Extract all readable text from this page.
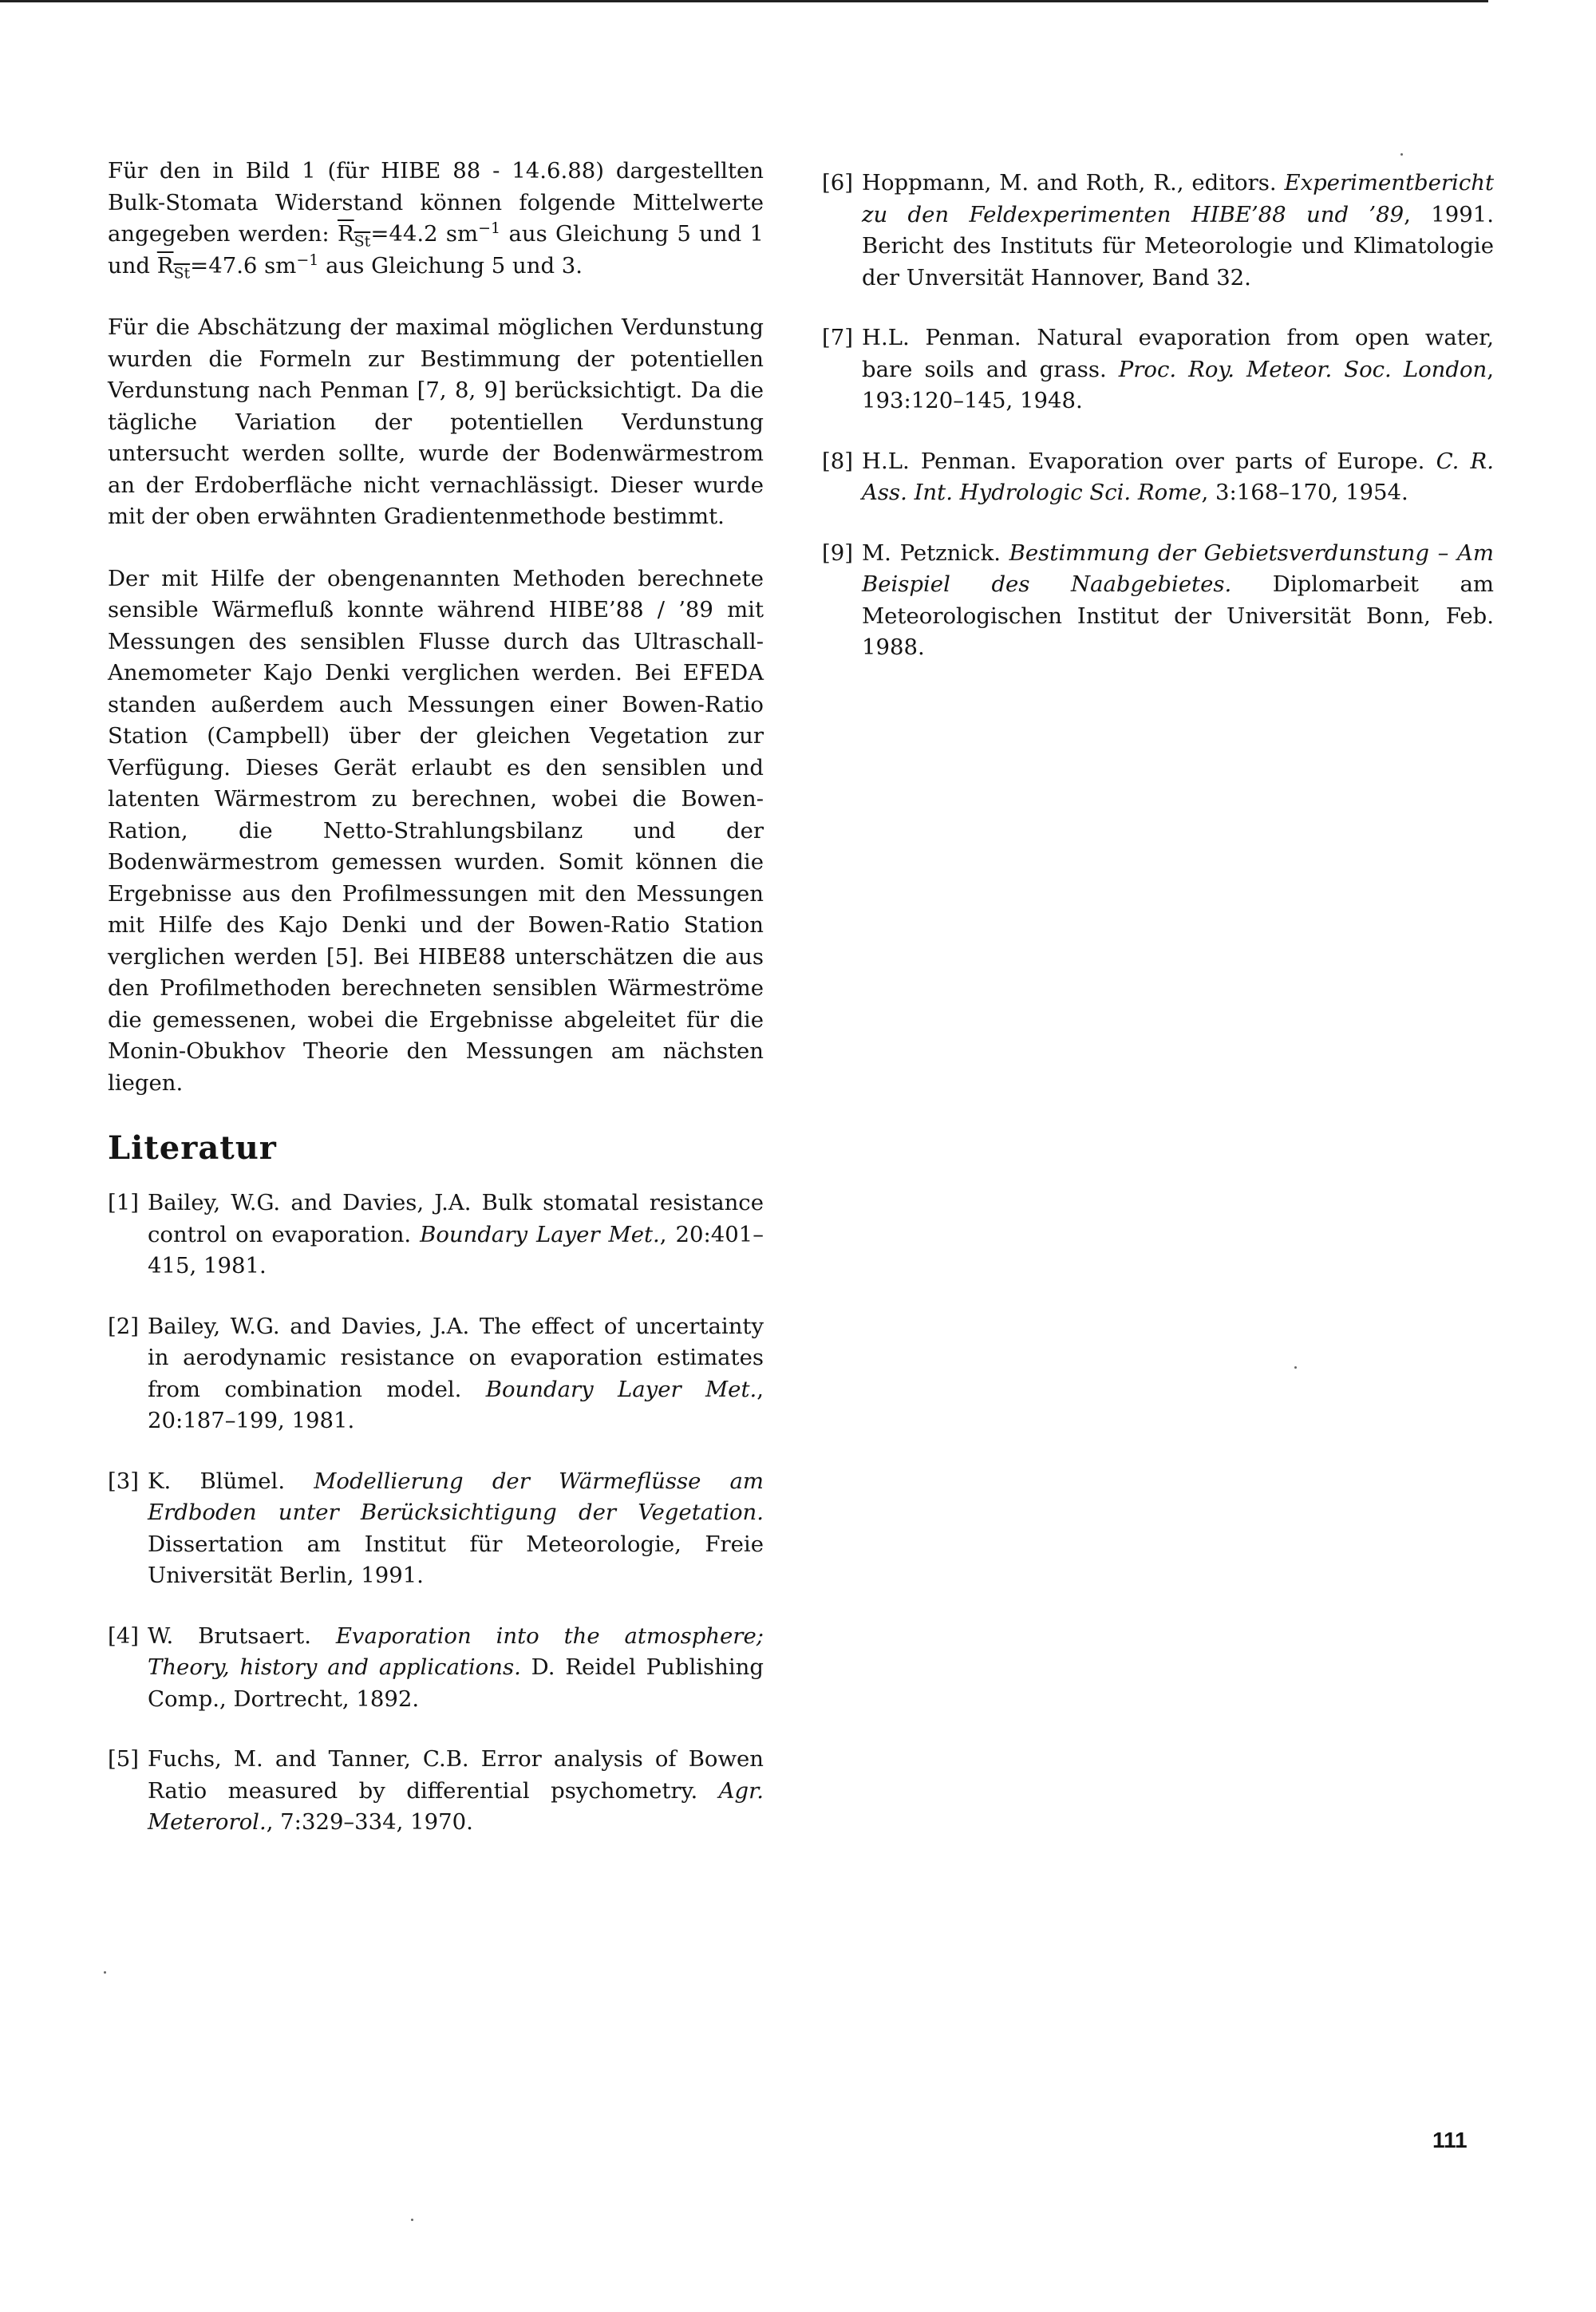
Für den in Bild 1 (für HIBE 88 - 14.6.88) dargestellten Bulk-Stomata Widerstand können folgende Mittelwerte angegeben werden: $R_{St}=44.2$ $sm^{-1}$ aus Gleichung 5 und 1 und $R_{St}=47.6$ $sm^{-1}$ aus Gleichung 5 und 3.

Für die Abschätzung der maximal möglichen Verdunstung wurden die Formeln zur Bestimmung der potentiellen Verdunstung nach Penman [7, 8, 9] berücksichtigt. Da die tägliche Variation der potentiellen Verdunstung untersucht werden sollte, wurde der Bodenwärmestrom an der Erdoberfläche nicht vernachlässigt. Dieser wurde mit der oben erwähnten Gradientenmethode bestimmt.

Der mit Hilfe der obengenannten Methoden berechnete sensible Wärmefluß konnte während HIBE’88 / ’89 mit Messungen des sensiblen Flusse durch das Ultraschall-Anemometer Kajo Denki verglichen werden. Bei EFEDA standen außerdem auch Messungen einer Bowen-Ratio Station (Campbell) über der gleichen Vegetation zur Verfügung. Dieses Gerät erlaubt es den sensiblen und latenten Wärmestrom zu berechnen, wobei die Bowen-Ration, die Netto-Strahlungsbilanz und der Bodenwärmestrom gemessen wurden. Somit können die Ergebnisse aus den Profilmessungen mit den Messungen mit Hilfe des Kajo Denki und der Bowen-Ratio Station verglichen werden [5]. Bei HIBE88 unterschätzen die aus den Profilmethoden berechneten sensiblen Wärmeströme die gemessenen, wobei die Ergebnisse abgeleitet für die Monin-Obukhov Theorie den Messungen am nächsten liegen.

Literatur
[1] Bailey, W.G. and Davies, J.A. Bulk stomatal resistance control on evaporation. Boundary Layer Met., 20:401–415, 1981.
[2] Bailey, W.G. and Davies, J.A. The effect of uncertainty in aerodynamic resistance on evaporation estimates from combination model. Boundary Layer Met., 20:187–199, 1981.
[3] K. Blümel. Modellierung der Wärmeflüsse am Erdboden unter Berücksichtigung der Vegetation. Dissertation am Institut für Meteorologie, Freie Universität Berlin, 1991.
[4] W. Brutsaert. Evaporation into the atmosphere; Theory, history and applications. D. Reidel Publishing Comp., Dortrecht, 1892.
[5] Fuchs, M. and Tanner, C.B. Error analysis of Bowen Ratio measured by differential psychometry. Agr. Meterorol., 7:329–334, 1970.
[6] Hoppmann, M. and Roth, R., editors. Experimentbericht zu den Feldexperimenten HIBE’88 und ’89, 1991. Bericht des Instituts für Meteorologie und Klimatologie der Unversität Hannover, Band 32.
[7] H.L. Penman. Natural evaporation from open water, bare soils and grass. Proc. Roy. Meteor. Soc. London, 193:120–145, 1948.
[8] H.L. Penman. Evaporation over parts of Europe. C. R. Ass. Int. Hydrologic Sci. Rome, 3:168–170, 1954.
[9] M. Petznick. Bestimmung der Gebietsverdunstung – Am Beispiel des Naabgebietes. Diplomarbeit am Meteorologischen Institut der Universität Bonn, Feb. 1988.
111
